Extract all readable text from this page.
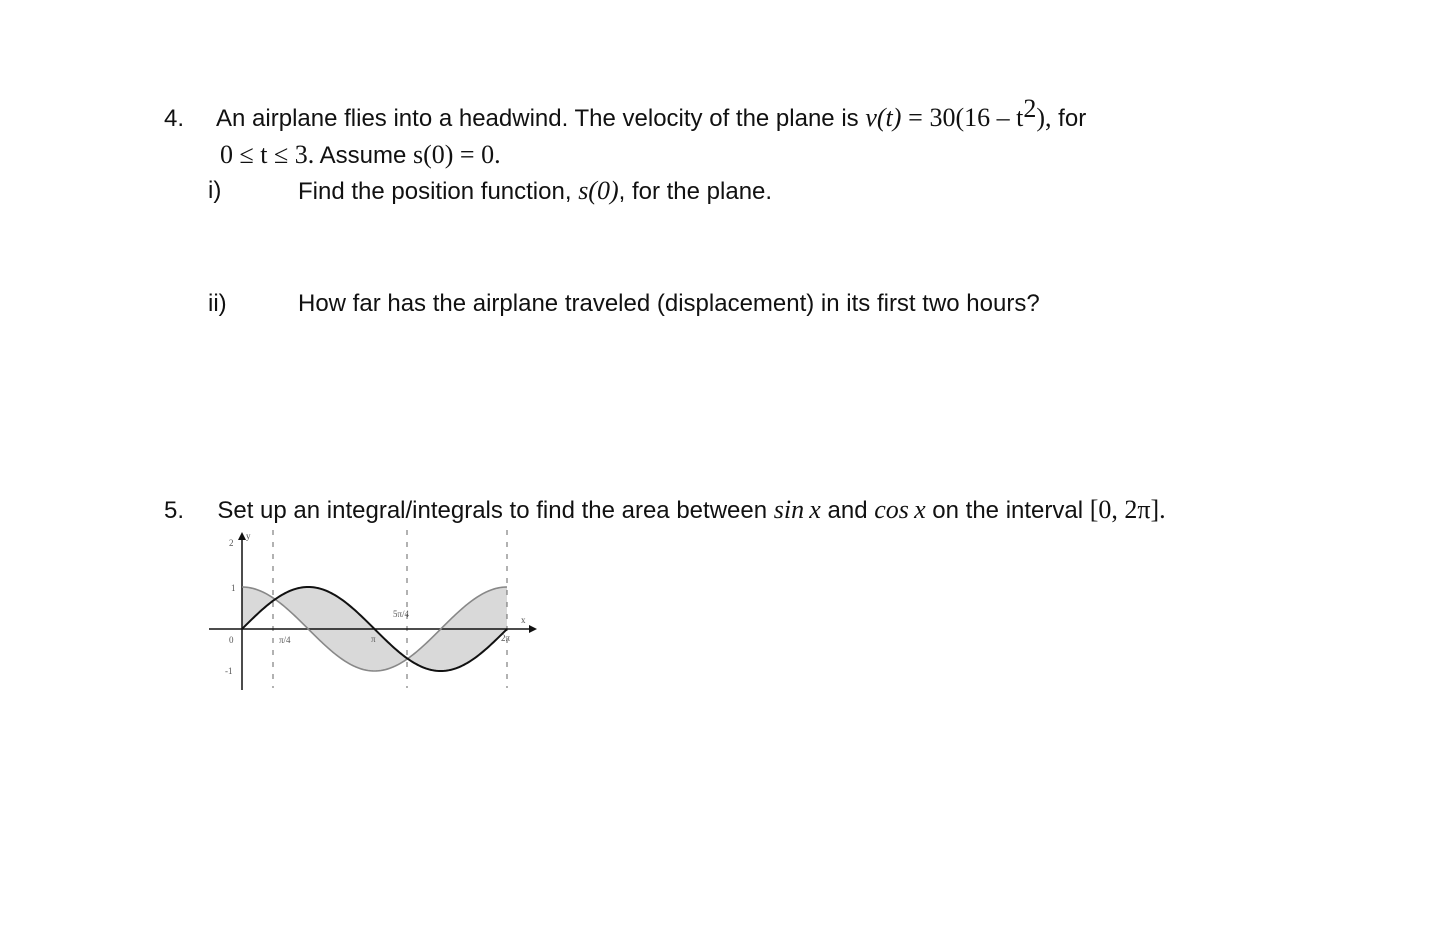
4. An airplane flies into a headwind. The velocity of the plane is $v(t) = 30(16 - t^2)$, for
0 ≤ t ≤ 3. Assume s(0) = 0.
i)	Find the position function, s(0), for the plane.
ii)	How far has the airplane traveled (displacement) in its first two hours?
5. Set up an integral/integrals to find the area between sin x and cos x on the interval [0, 2π].
y
x
2
1
0
-1
π/4	π
5π/4
2π
